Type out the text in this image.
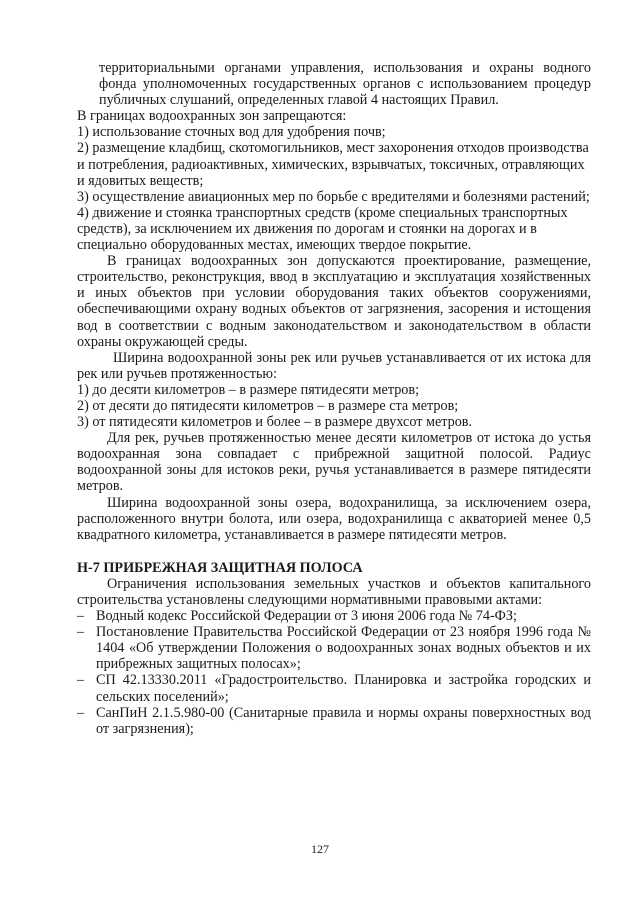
территориальными органами управления, использования и охраны водного фонда уполномоченных государственных органов с использованием процедур публичных слушаний, определенных главой 4 настоящих Правил.

В границах водоохранных зон запрещаются:

1) использование сточных вод для удобрения почв;

2) размещение кладбищ, скотомогильников, мест захоронения отходов производства и потребления, радиоактивных, химических, взрывчатых, токсичных, отравляющих и ядовитых веществ;

3) осуществление авиационных мер по борьбе с вредителями и болезнями растений;

4) движение и стоянка транспортных средств (кроме специальных транспортных средств), за исключением их движения по дорогам и стоянки на дорогах и в специально оборудованных местах, имеющих твердое покрытие.

В границах водоохранных зон допускаются проектирование, размещение, строительство, реконструкция, ввод в эксплуатацию и эксплуатация хозяйственных и иных объектов при условии оборудования таких объектов сооружениями, обеспечивающими охрану водных объектов от загрязнения, засорения и истощения вод в соответствии с водным законодательством и законодательством в области охраны окружающей среды.

Ширина водоохранной зоны рек или ручьев устанавливается от их истока для рек или ручьев протяженностью:

1) до десяти километров – в размере пятидесяти метров;

2) от десяти до пятидесяти километров – в размере ста метров;

3) от пятидесяти километров и более – в размере двухсот метров.

Для рек, ручьев протяженностью менее десяти километров от истока до устья водоохранная зона совпадает с прибрежной защитной полосой. Радиус водоохранной зоны для истоков реки, ручья устанавливается в размере пятидесяти метров.

Ширина водоохранной зоны озера, водохранилища, за исключением озера, расположенного внутри болота, или озера, водохранилища с акваторией менее 0,5 квадратного километра, устанавливается в размере пятидесяти метров.

Н-7 ПРИБРЕЖНАЯ ЗАЩИТНАЯ ПОЛОСА

Ограничения использования земельных участков и объектов капитального строительства установлены следующими нормативными правовыми актами:

– Водный кодекс Российской Федерации от 3 июня 2006 года № 74-ФЗ;
– Постановление Правительства Российской Федерации от 23 ноября 1996 года № 1404 «Об утверждении Положения о водоохранных зонах водных объектов и их прибрежных защитных полосах»;
– СП 42.13330.2011 «Градостроительство. Планировка и застройка городских и сельских поселений»;
– СанПиН 2.1.5.980-00 (Санитарные правила и нормы охраны поверхностных вод от загрязнения);
127
